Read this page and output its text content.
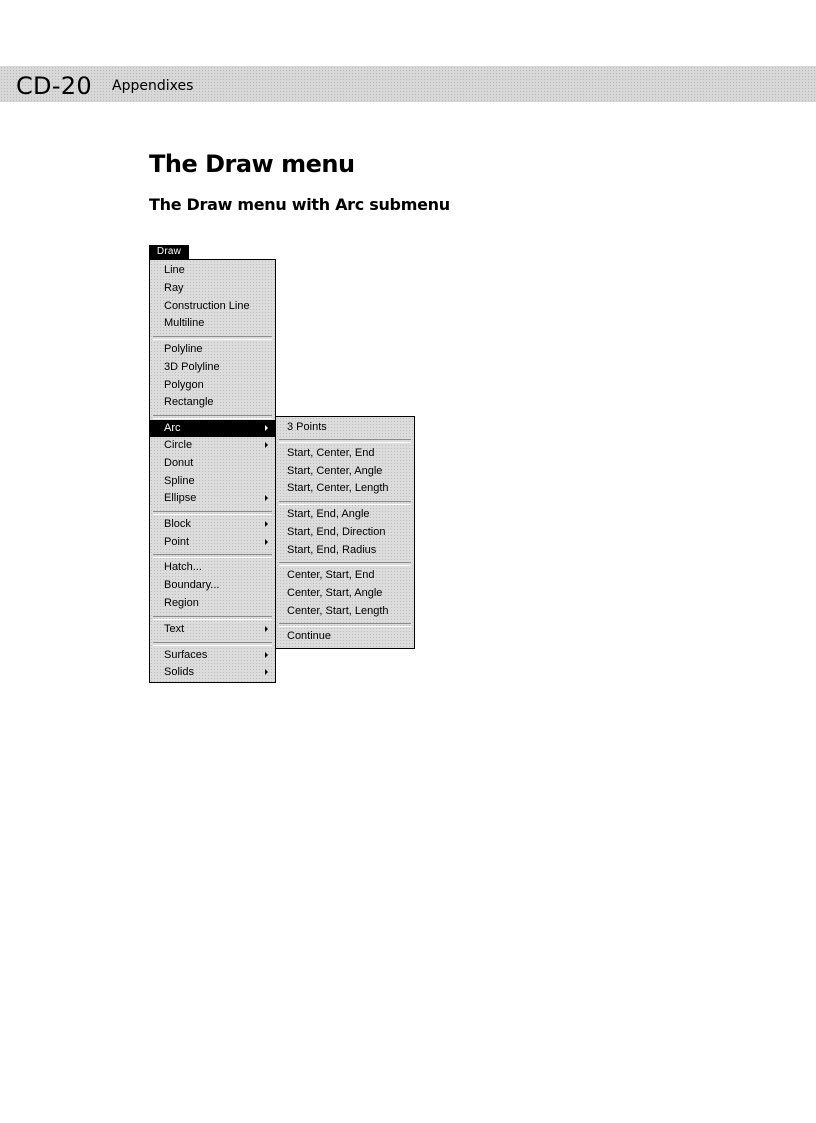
CD-20 Appendixes
The Draw menu
The Draw menu with Arc submenu
Draw
Line
Ray
Construction Line
Multiline
Polyline
3D Polyline
Polygon
Rectangle
Arc
Circle
Donut
Spline
Ellipse
Block
Point
Hatch...
Boundary...
Region
Text
Surfaces
Solids
3 Points
Start, Center, End
Start, Center, Angle
Start, Center, Length
Start, End, Angle
Start, End, Direction
Start, End, Radius
Center, Start, End
Center, Start, Angle
Center, Start, Length
Continue
